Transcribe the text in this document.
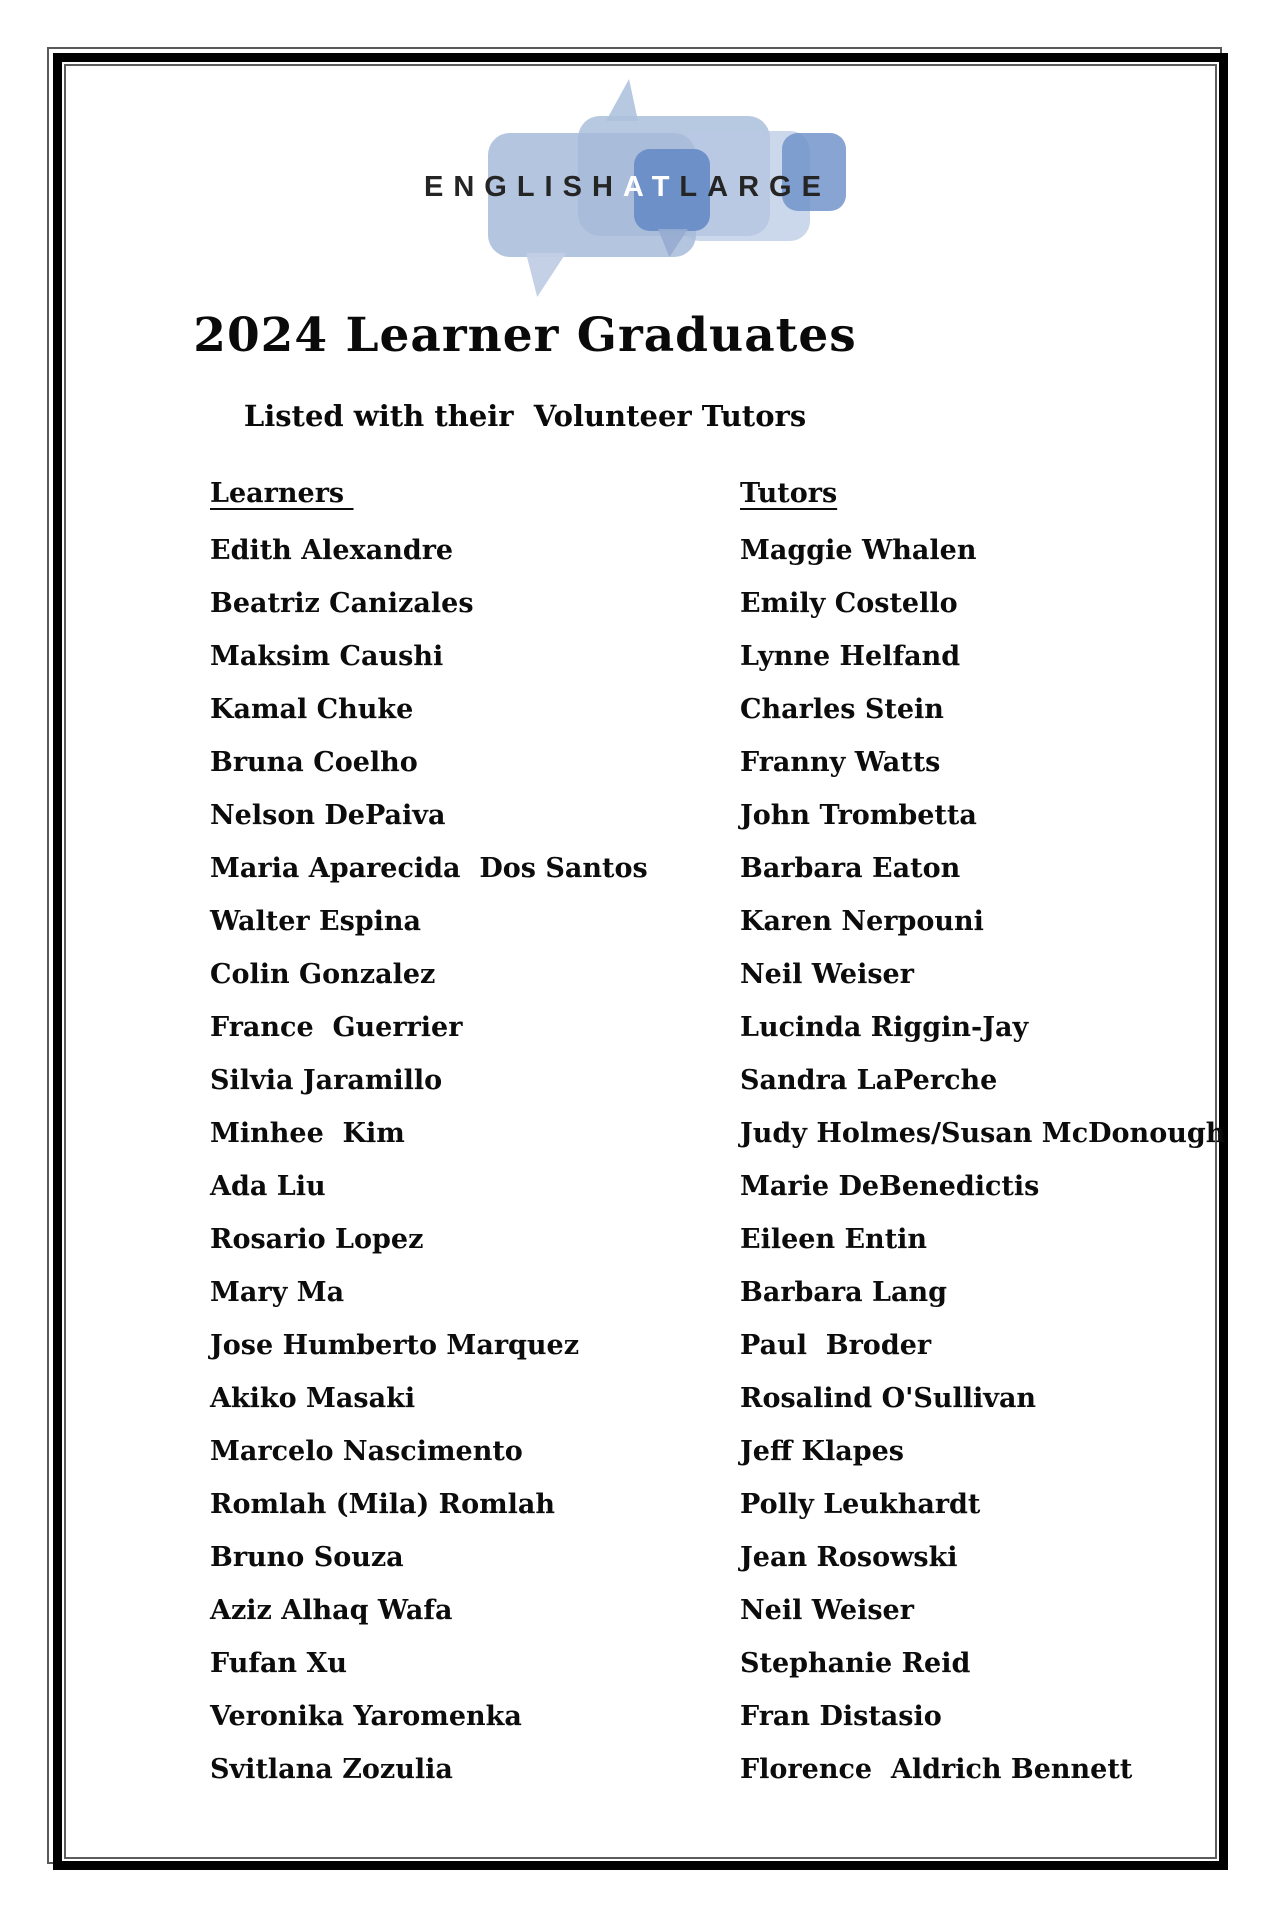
ENGLISHATLARGE
2024 Learner Graduates
Listed with their  Volunteer Tutors
Learners	Tutors
Edith Alexandre
Beatriz Canizales
Maksim Caushi
Kamal Chuke
Bruna Coelho
Nelson DePaiva
Maria Aparecida  Dos Santos
Walter Espina
Colin Gonzalez
France  Guerrier
Silvia Jaramillo
Minhee  Kim
Ada Liu
Rosario Lopez
Mary Ma
Jose Humberto Marquez
Akiko Masaki
Marcelo Nascimento
Romlah (Mila) Romlah
Bruno Souza
Aziz Alhaq Wafa
Fufan Xu
Veronika Yaromenka
Svitlana Zozulia
Maggie Whalen
Emily Costello
Lynne Helfand
Charles Stein
Franny Watts
John Trombetta
Barbara Eaton
Karen Nerpouni
Neil Weiser
Lucinda Riggin-Jay
Sandra LaPerche
Judy Holmes/Susan McDonough
Marie DeBenedictis
Eileen Entin
Barbara Lang
Paul  Broder
Rosalind O'Sullivan
Jeff Klapes
Polly Leukhardt
Jean Rosowski
Neil Weiser
Stephanie Reid
Fran Distasio
Florence  Aldrich Bennett
